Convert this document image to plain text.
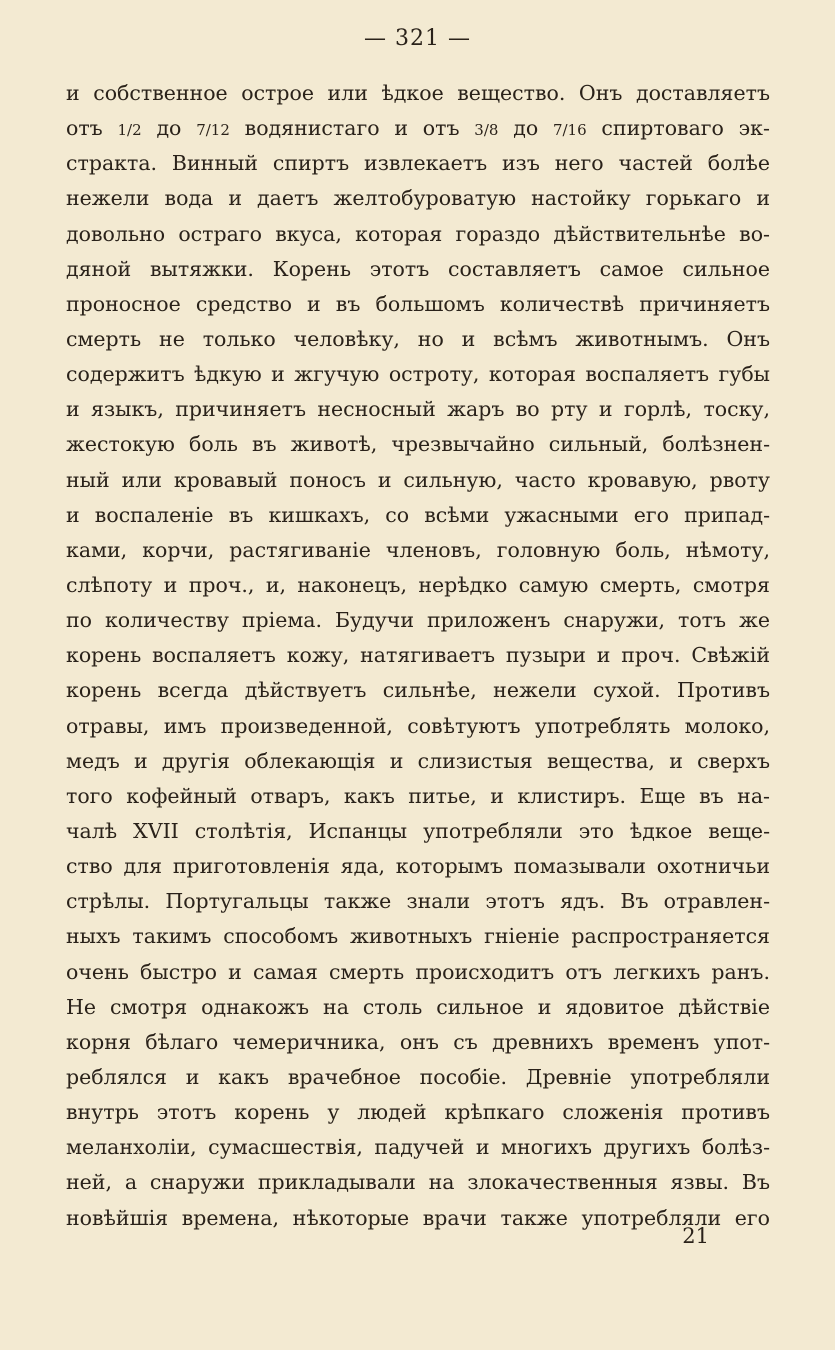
— 321 —
и собственное острое или ѣдкое вещество. Онъ доставляетъ
отъ 1/2 до 7/12 водянистаго и отъ 3/8 до 7/16 спиртоваго эк-
стракта. Винный спиртъ извлекаетъ изъ него частей болѣе
нежели вода и даетъ желтобуроватую настойку горькаго и
довольно остраго вкуса, которая гораздо дѣйствительнѣе во-
дяной вытяжки. Корень этотъ составляетъ самое сильное
проносное средство и въ большомъ количествѣ причиняетъ
смерть не только человѣку, но и всѣмъ животнымъ. Онъ
содержитъ ѣдкую и жгучую остроту, которая воспаляетъ губы
и языкъ, причиняетъ несносный жаръ во рту и горлѣ, тоску,
жестокую боль въ животѣ, чрезвычайно сильный, болѣзнен-
ный или кровавый поносъ и сильную, часто кровавую, рвоту
и воспаленіе въ кишкахъ, со всѣми ужасными его припад-
ками, корчи, растягиваніе членовъ, головную боль, нѣмоту,
слѣпоту и проч., и, наконецъ, нерѣдко самую смерть, смотря
по количеству пріема. Будучи приложенъ снаружи, тотъ же
корень воспаляетъ кожу, натягиваетъ пузыри и проч. Свѣжій
корень всегда дѣйствуетъ сильнѣе, нежели сухой. Противъ
отравы, имъ произведенной, совѣтуютъ употреблять молоко,
медъ и другія облекающія и слизистыя вещества, и сверхъ
того кофейный отваръ, какъ питье, и клистиръ. Еще въ на-
чалѣ XVII столѣтія, Испанцы употребляли это ѣдкое веще-
ство для приготовленія яда, которымъ помазывали охотничьи
стрѣлы. Португальцы также знали этотъ ядъ. Въ отравлен-
ныхъ такимъ способомъ животныхъ гніеніе распространяется
очень быстро и самая смерть происходитъ отъ легкихъ ранъ.
Не смотря однакожъ на столь сильное и ядовитое дѣйствіе
корня бѣлаго чемеричника, онъ съ древнихъ временъ упот-
реблялся и какъ врачебное пособіе. Древніе употребляли
внутрь этотъ корень у людей крѣпкаго сложенія противъ
меланхоліи, сумасшествія, падучей и многихъ другихъ болѣз-
ней, а снаружи прикладывали на злокачественныя язвы. Въ
новѣйшія времена, нѣкоторые врачи также употребляли его
21
